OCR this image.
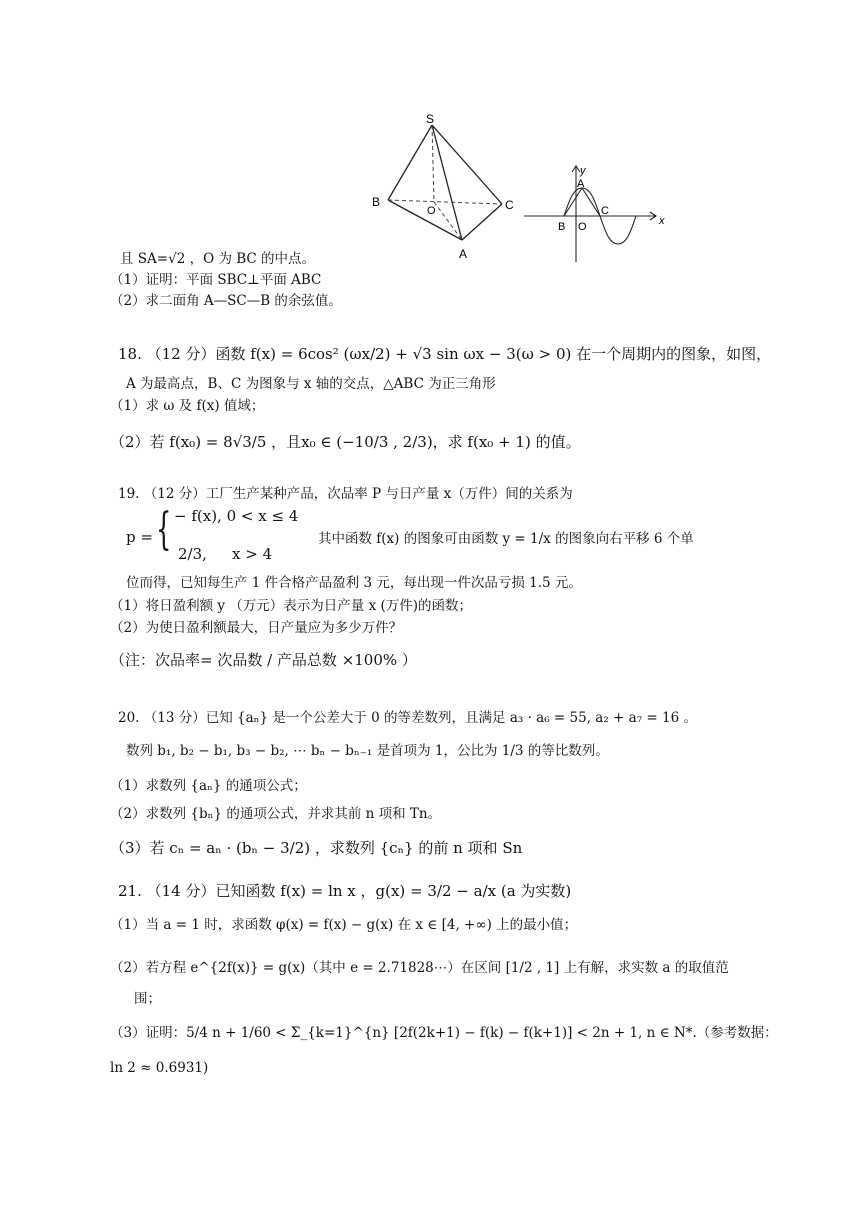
S
B
O	C
A
y
A
B O
C
x
且 SA=√2 ，O 为 BC 的中点。
（1）证明：平面 SBC⊥平面 ABC
（2）求二面角 A—SC—B 的余弦值。
18. （12 分）函数 f(x) = 6cos² (ωx/2) + √3 sin ωx − 3(ω > 0) 在一个周期内的图象，如图，
A 为最高点，B、C 为图象与 x 轴的交点，△ABC 为正三角形
（1）求 ω 及 f(x) 值域；
（2）若 f(x₀) = 8√3/5 ，且x₀ ∈ (−10/3 , 2/3)，求 f(x₀ + 1) 的值。
19. （12 分）工厂生产某种产品，次品率 P 与日产量 x（万件）间的关系为
p = { − f(x), 0 < x ≤ 4
2/3, x > 4
其中函数 f(x) 的图象可由函数 y = 1/x 的图象向右平移 6 个单
位而得，已知每生产 1 件合格产品盈利 3 元，每出现一件次品亏损 1.5 元。
（1）将日盈利额 y （万元）表示为日产量 x (万件)的函数；
（2）为使日盈利额最大，日产量应为多少万件？
（注：次品率= 次品数 / 产品总数 ×100% ）
20. （13 分）已知 {aₙ} 是一个公差大于 0 的等差数列，且满足 a₃ · a₆ = 55, a₂ + a₇ = 16 。
数列 b₁, b₂ − b₁, b₃ − b₂, ⋯ bₙ − bₙ₋₁ 是首项为 1，公比为 1/3 的等比数列。
（1）求数列 {aₙ} 的通项公式；
（2）求数列 {bₙ} 的通项公式，并求其前 n 项和 Tn。
（3）若 cₙ = aₙ · (bₙ − 3/2) ，求数列 {cₙ} 的前 n 项和 Sn
21. （14 分）已知函数 f(x) = ln x ，g(x) = 3/2 − a/x (a 为实数)
（1）当 a = 1 时，求函数 φ(x) = f(x) − g(x) 在 x ∈ [4, +∞) 上的最小值；
（2）若方程 e^{2f(x)} = g(x)（其中 e = 2.71828⋯）在区间 [1/2 , 1] 上有解，求实数 a 的取值范
围；
（3）证明：5/4 n + 1/60 < Σ_{k=1}^{n} [2f(2k+1) − f(k) − f(k+1)] < 2n + 1, n ∈ N*.（参考数据：
ln 2 ≈ 0.6931)
